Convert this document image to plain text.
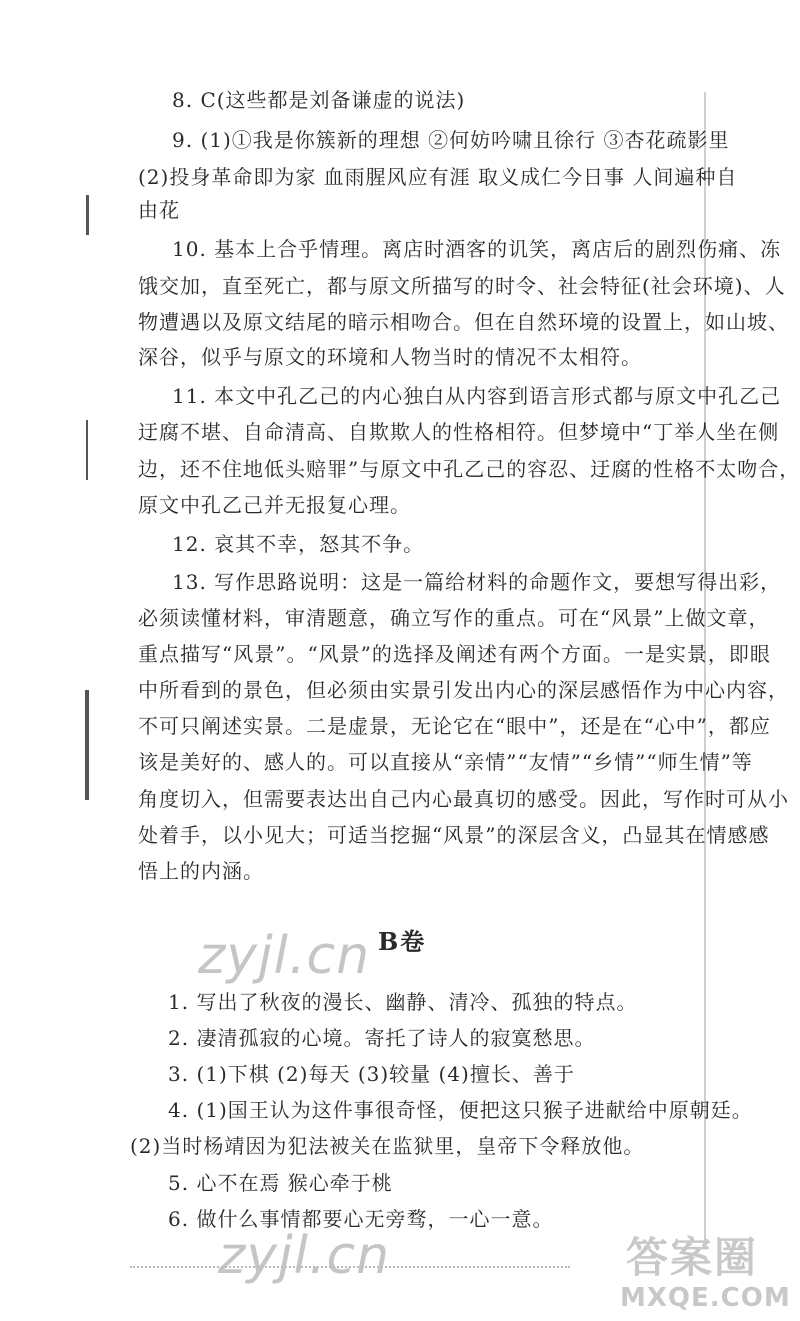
8. C(这些都是刘备谦虚的说法)
9. (1)①我是你簇新的理想 ②何妨吟啸且徐行 ③杏花疏影里
(2)投身革命即为家 血雨腥风应有涯 取义成仁今日事 人间遍种自
由花
10. 基本上合乎情理。离店时酒客的讥笑，离店后的剧烈伤痛、冻
饿交加，直至死亡，都与原文所描写的时令、社会特征(社会环境)、人
物遭遇以及原文结尾的暗示相吻合。但在自然环境的设置上，如山坡、
深谷，似乎与原文的环境和人物当时的情况不太相符。
11. 本文中孔乙己的内心独白从内容到语言形式都与原文中孔乙己
迂腐不堪、自命清高、自欺欺人的性格相符。但梦境中“丁举人坐在侧
边，还不住地低头赔罪”与原文中孔乙己的容忍、迂腐的性格不太吻合，
原文中孔乙己并无报复心理。
12. 哀其不幸，怒其不争。
13. 写作思路说明：这是一篇给材料的命题作文，要想写得出彩，
必须读懂材料，审清题意，确立写作的重点。可在“风景”上做文章，
重点描写“风景”。“风景”的选择及阐述有两个方面。一是实景，即眼
中所看到的景色，但必须由实景引发出内心的深层感悟作为中心内容，
不可只阐述实景。二是虚景，无论它在“眼中”，还是在“心中”，都应
该是美好的、感人的。可以直接从“亲情”“友情”“乡情”“师生情”等
角度切入，但需要表达出自己内心最真切的感受。因此，写作时可从小
处着手，以小见大；可适当挖掘“风景”的深层含义，凸显其在情感感
悟上的内涵。
B卷
1. 写出了秋夜的漫长、幽静、清冷、孤独的特点。
2. 凄清孤寂的心境。寄托了诗人的寂寞愁思。
3. (1)下棋 (2)每天 (3)较量 (4)擅长、善于
4. (1)国王认为这件事很奇怪，便把这只猴子进献给中原朝廷。
(2)当时杨靖因为犯法被关在监狱里，皇帝下令释放他。
5. 心不在焉 猴心牵于桃
6. 做什么事情都要心无旁骛，一心一意。
zyjl.cn
zyjl.cn	答案圈
MXQE.COM
